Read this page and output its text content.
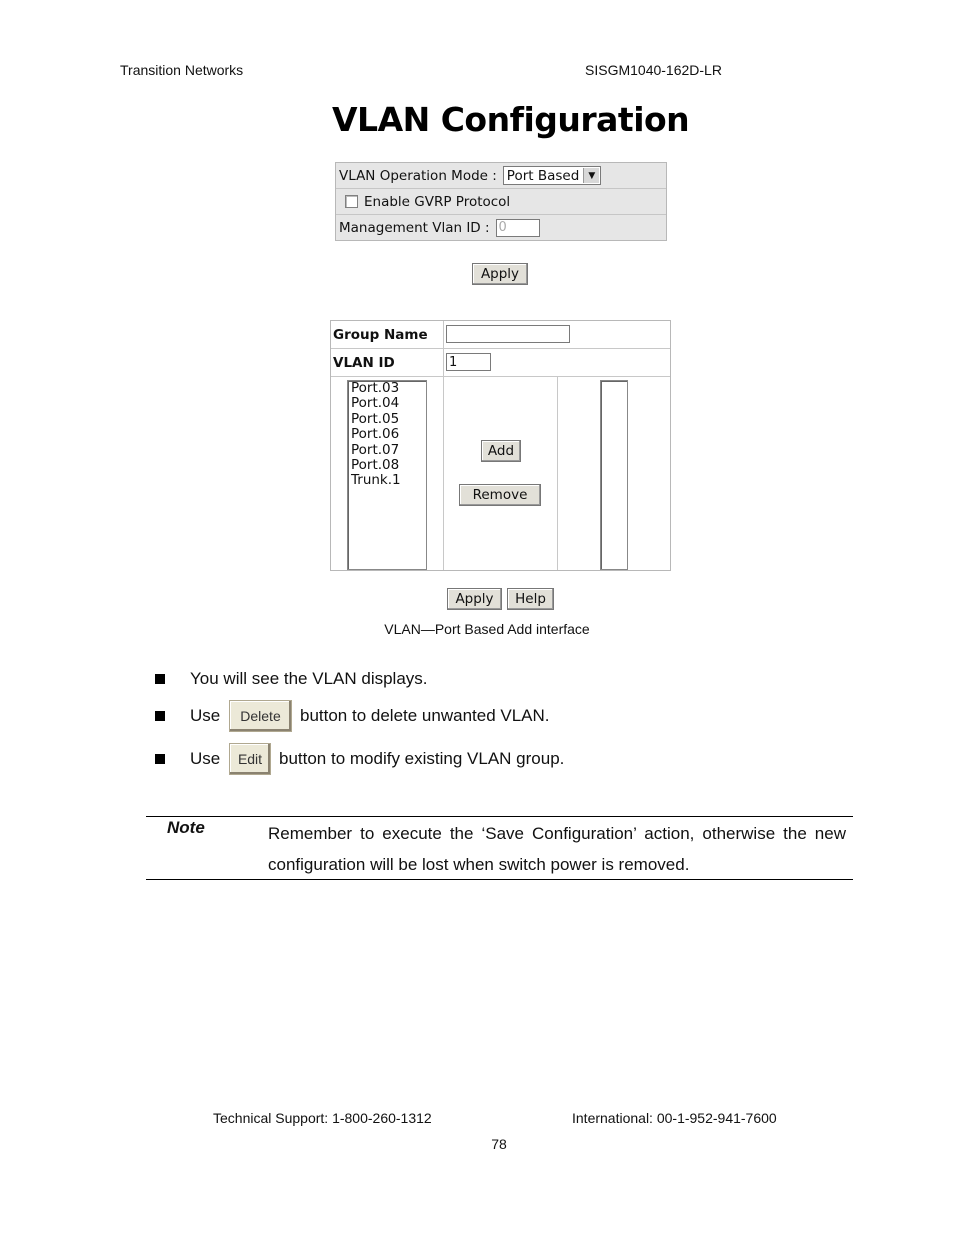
Transition Networks	SISGM1040-162D-LR
VLAN Configuration
VLAN Operation Mode : Port Based	▼
Enable GVRP Protocol
Management Vlan ID : 0
Apply
Group Name
VLAN ID	1
Port.03
Port.04
Port.05
Port.06
Port.07
Port.08
Trunk.1
Add
Remove
Apply	Help
VLAN—Port Based Add interface
You will see the VLAN displays.
Use	Delete	button to delete unwanted VLAN.
Use	Edit button to modify existing VLAN group.
Note	Remember to execute the ‘Save Configuration’ action, otherwise the new configuration will be lost when switch power is removed.
Technical Support: 1-800-260-1312	International: 00-1-952-941-7600
78
